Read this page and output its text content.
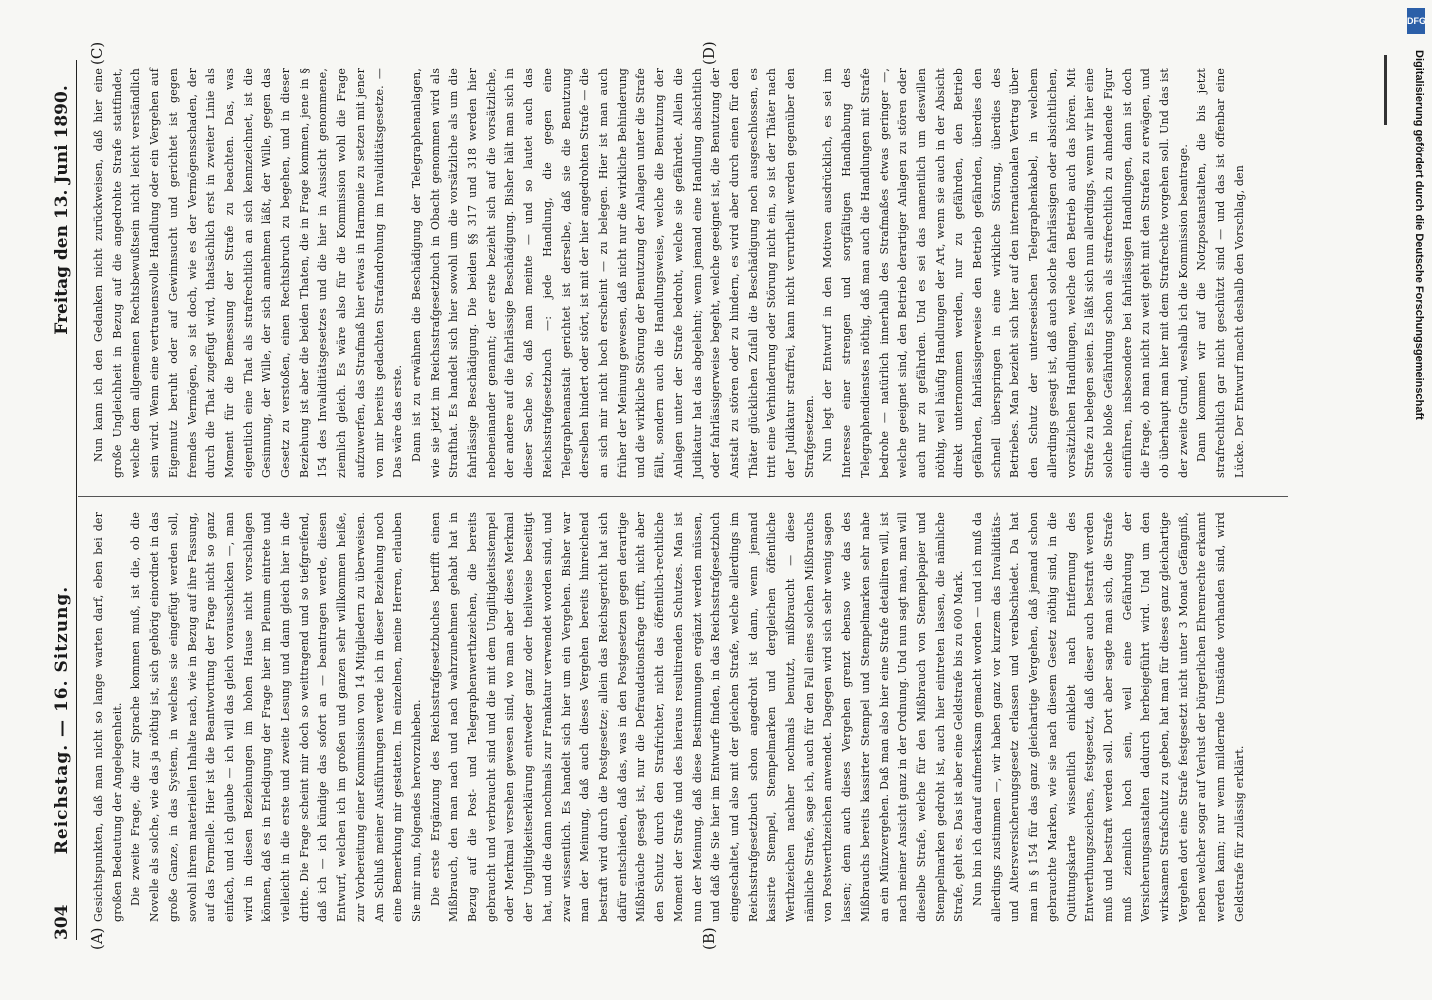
304
Reichstag. — 16. Sitzung.
Freitag den 13. Juni 1890.
(A)	(B)
(C)	(D)

Gesichtspunkten, daß man nicht so lange warten darf, eben bei der großen Bedeutung der Angelegenheit. Die zweite Frage, die zur Sprache kommen muß, ist die, ob die Novelle als solche, wie das ja nöthig ist, sich gehörig einordnet in das große Ganze, in das System, in welches sie eingefügt werden soll, sowohl ihrem materiellen Inhalte nach, wie in Bezug auf ihre Fassung, auf das Formelle. Hier ist die Beantwortung der Frage nicht so ganz einfach, und ich glaube — ich will das gleich vorausschicken —, man wird in diesen Beziehungen im hohen Hause nicht vorschlagen können, daß es in Erledigung der Frage hier im Plenum eintrete und vielleicht in die erste und zweite Lesung und dann gleich hier in die dritte. Die Frage scheint mir doch so weittragend und so tiefgreifend, daß ich — ich kündige das sofort an — beantragen werde, diesen Entwurf, welchen ich im großen und ganzen sehr willkommen heiße, zur Vorbereitung einer Kommission von 14 Mitgliedern zu überweisen. Am Schluß meiner Ausführungen werde ich in dieser Beziehung noch eine Bemerkung mir gestatten. Im einzelnen, meine Herren, erlauben Sie mir nun, folgendes hervorzuheben. Die erste Ergänzung des Reichsstrafgesetzbuches betrifft einen Mißbrauch, den man nach und nach wahrzunehmen gehabt hat in Bezug auf die Post- und Telegraphenwerthzeichen, die bereits gebraucht und verbraucht sind und die mit dem Ungiltigkeitsstempel oder Merkmal versehen gewesen sind, wo man aber dieses Merkmal der Ungiltigkeitserklärung entweder ganz oder theilweise beseitigt hat, und die dann nochmals zur Frankatur verwendet worden sind, und zwar wissentlich. Es handelt sich hier um ein Vergehen. Bisher war man der Meinung, daß auch dieses Vergehen bereits hinreichend bestraft wird durch die Postgesetze; allein das Reichsgericht hat sich dafür entschieden, daß das, was in den Postgesetzen gegen derartige Mißbräuche gesagt ist, nur die Defraudationsfrage trifft, nicht aber den Schutz durch den Strafrichter, nicht das öffentlich-rechtliche Moment der Strafe und des hieraus resultirenden Schutzes. Man ist nun der Meinung, daß diese Bestimmungen ergänzt werden müssen, und daß die Sie hier im Entwurfe finden, in das Reichsstrafgesetzbuch eingeschaltet, und also mit der gleichen Strafe, welche allerdings im Reichsstrafgesetzbuch schon angedroht ist dann, wenn jemand kassirte Stempel, Stempelmarken und dergleichen öffentliche Werthzeichen nachher nochmals benutzt, mißbraucht — diese nämliche Strafe, sage ich, auch für den Fall eines solchen Mißbrauchs von Postwerthzeichen anwendet. Dagegen wird sich sehr wenig sagen lassen; denn auch dieses Vergehen grenzt ebenso wie das des Mißbrauchs bereits kassirter Stempel und Stempelmarken sehr nahe an ein Münzvergehen. Daß man also hier eine Strafe detailiren will, ist nach meiner Ansicht ganz in der Ordnung. Und nun sagt man, man will dieselbe Strafe, welche für den Mißbrauch von Stempelpapier und Stempelmarken gedroht ist, auch hier eintreten lassen, die nämliche Strafe, geht es. Das ist aber eine Geldstrafe bis zu 600 Mark. Nun bin ich darauf aufmerksam gemacht worden — und ich muß da allerdings zustimmen —, wir haben ganz vor kurzem das Invaliditäts- und Altersversicherungsgesetz erlassen und verabschiedet. Da hat man in § 154 für das ganz gleichartige Vergehen, daß jemand schon gebrauchte Marken, wie sie nach diesem Gesetz nöthig sind, in die Quittungskarte wissentlich einklebt nach Entfernung des Entwerthungszeichens, festgesetzt, daß dieser auch bestraft werden muß und bestraft werden soll. Dort aber sagte man sich, die Strafe muß ziemlich hoch sein, weil eine Gefährdung der Versicherungsanstalten dadurch herbeigeführt wird. Und um den wirksamen Strafschutz zu geben, hat man für dieses ganz gleichartige Vergehen dort eine Strafe festgesetzt nicht unter 3 Monat Gefängniß, neben welcher sogar auf Verlust der bürgerlichen Ehrenrechte erkannt werden kann; nur wenn mildernde Umstände vorhanden sind, wird Geldstrafe für zulässig erklärt.

Nun kann ich den Gedanken nicht zurückweisen, daß hier eine große Ungleichheit in Bezug auf die angedrohte Strafe stattfindet, welche dem allgemeinen Rechtsbewußtsein nicht leicht verständlich sein wird. Wenn eine vertrauensvolle Handlung oder ein Vergehen auf Eigennutz beruht oder auf Gewinnsucht und gerichtet ist gegen fremdes Vermögen, so ist doch, wie es der Vermögensschaden, der durch die That zugefügt wird, thatsächlich erst in zweiter Linie als Moment für die Bemessung der Strafe zu beachten. Das, was eigentlich eine That als strafrechtlich an sich kennzeichnet, ist die Gesinnung, der Wille, der sich annehmen läßt, der Wille, gegen das Gesetz zu verstoßen, einen Rechtsbruch zu begehen, und in dieser Beziehung ist aber die beiden Thaten, die in Frage kommen, jene in § 154 des Invaliditätsgesetzes und die hier in Aussicht genommene, ziemlich gleich. Es wäre also für die Kommission wohl die Frage aufzuwerfen, das Strafmaß hier etwas in Harmonie zu setzen mit jener von mir bereits gedachten Strafandrohung im Invaliditätsgesetze. — Das wäre das erste. Dann ist zu erwähnen die Beschädigung der Telegraphenanlagen, wie sie jetzt im Reichsstrafgesetzbuch in Obacht genommen wird als Strafthat. Es handelt sich hier sowohl um die vorsätzliche als um die fahrlässige Beschädigung. Die beiden §§ 317 und 318 werden hier nebeneinander genannt; der erste bezieht sich auf die vorsätzliche, der andere auf die fahrlässige Beschädigung. Bisher hält man sich in dieser Sache so, daß man meinte — und so lautet auch das Reichsstrafgesetzbuch —: jede Handlung, die gegen eine Telegraphenanstalt gerichtet ist derselbe, daß sie die Benutzung derselben hindert oder stört, ist mit der hier angedrohten Strafe — die an sich mir nicht hoch erscheint — zu belegen. Hier ist man auch früher der Meinung gewesen, daß nicht nur die wirkliche Behinderung und die wirkliche Störung der Benutzung der Anlagen unter die Strafe fällt, sondern auch die Handlungsweise, welche die Benutzung der Anlagen unter der Strafe bedroht, welche sie gefährdet. Allein die Judikatur hat das abgelehnt; wenn jemand eine Handlung absichtlich oder fahrlässigerweise begeht, welche geeignet ist, die Benutzung der Anstalt zu stören oder zu hindern, es wird aber durch einen für den Thäter glücklichen Zufall die Beschädigung noch ausgeschlossen, es tritt eine Verhinderung oder Störung nicht ein, so ist der Thäter nach der Judikatur straffrei, kann nicht verurtheilt werden gegenüber den Strafgesetzen. Nun legt der Entwurf in den Motiven ausdrücklich, es sei im Interesse einer strengen und sorgfältigen Handhabung des Telegraphendienstes nöthig, daß man auch die Handlungen mit Strafe bedrohe — natürlich innerhalb des Strafmaßes etwas geringer —, welche geeignet sind, den Betrieb derartiger Anlagen zu stören oder auch nur zu gefährden. Und es sei das namentlich um deswillen nöthig, weil häufig Handlungen der Art, wenn sie auch in der Absicht direkt unternommen werden, nur zu gefährden, den Betrieb gefährden, fahrlässigerweise den Betrieb gefährden, überdies den schnell überspringen in eine wirkliche Störung, überdies des Betriebes. Man bezieht sich hier auf den internationalen Vertrag über den Schutz der unterseeischen Telegraphenkabel, in welchem allerdings gesagt ist, daß auch solche fahrlässigen oder absichtlichen, vorsätzlichen Handlungen, welche den Betrieb auch das hören. Mit Strafe zu belegen seien. Es läßt sich nun allerdings, wenn wir hier eine solche bloße Gefährdung schon als strafrechtlich zu ahndende Figur einführen, insbesondere bei fahrlässigen Handlungen, dann ist doch die Frage, ob man nicht zu weit geht mit den Strafen zu erwägen, und ob überhaupt man hier mit dem Strafrechte vorgehen soll. Und das ist der zweite Grund, weshalb ich die Kommission beantrage. Dann kommen wir auf die Notzpostanstalten, die bis jetzt strafrechtlich gar nicht geschützt sind — und das ist offenbar eine Lücke. Der Entwurf macht deshalb den Vorschlag, den

DFG
Digitalisierung gefördert durch die Deutsche Forschungsgemeinschaft
